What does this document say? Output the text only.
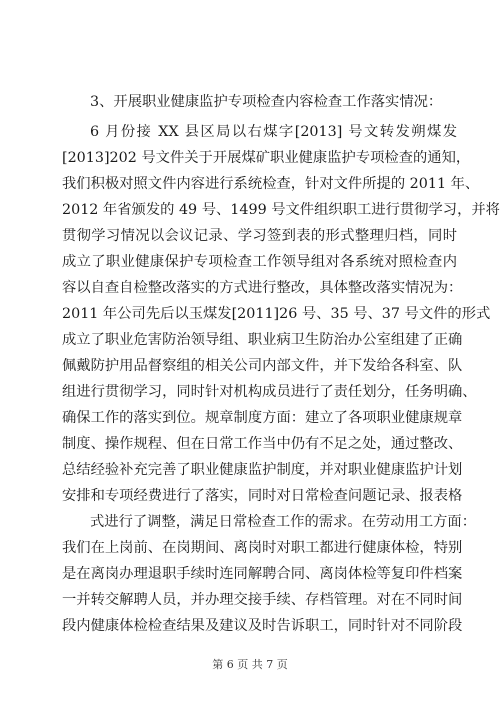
3、开展职业健康监护专项检查内容检查工作落实情况：
6 月份接 XX 县区局以右煤字[2013] 号文转发朔煤发
[2013]202 号文件关于开展煤矿职业健康监护专项检查的通知，
我们积极对照文件内容进行系统检查，针对文件所提的 2011 年、
2012 年省颁发的 49 号、1499 号文件组织职工进行贯彻学习，并将
贯彻学习情况以会议记录、学习签到表的形式整理归档，同时
成立了职业健康保护专项检查工作领导组对各系统对照检查内
容以自查自检整改落实的方式进行整改，具体整改落实情况为：
2011 年公司先后以玉煤发[2011]26 号、35 号、37 号文件的形式
成立了职业危害防治领导组、职业病卫生防治办公室组建了正确
佩戴防护用品督察组的相关公司内部文件，并下发给各科室、队
组进行贯彻学习，同时针对机构成员进行了责任划分，任务明确、
确保工作的落实到位。规章制度方面：建立了各项职业健康规章
制度、操作规程、但在日常工作当中仍有不足之处，通过整改、
总结经验补充完善了职业健康监护制度，并对职业健康监护计划
安排和专项经费进行了落实，同时对日常检查问题记录、报表格
式进行了调整，满足日常检查工作的需求。在劳动用工方面：
我们在上岗前、在岗期间、离岗时对职工都进行健康体检，特别
是在离岗办理退职手续时连同解聘合同、离岗体检等复印件档案
一并转交解聘人员，并办理交接手续、存档管理。对在不同时间
段内健康体检检查结果及建议及时告诉职工，同时针对不同阶段
第 6 页 共 7 页
